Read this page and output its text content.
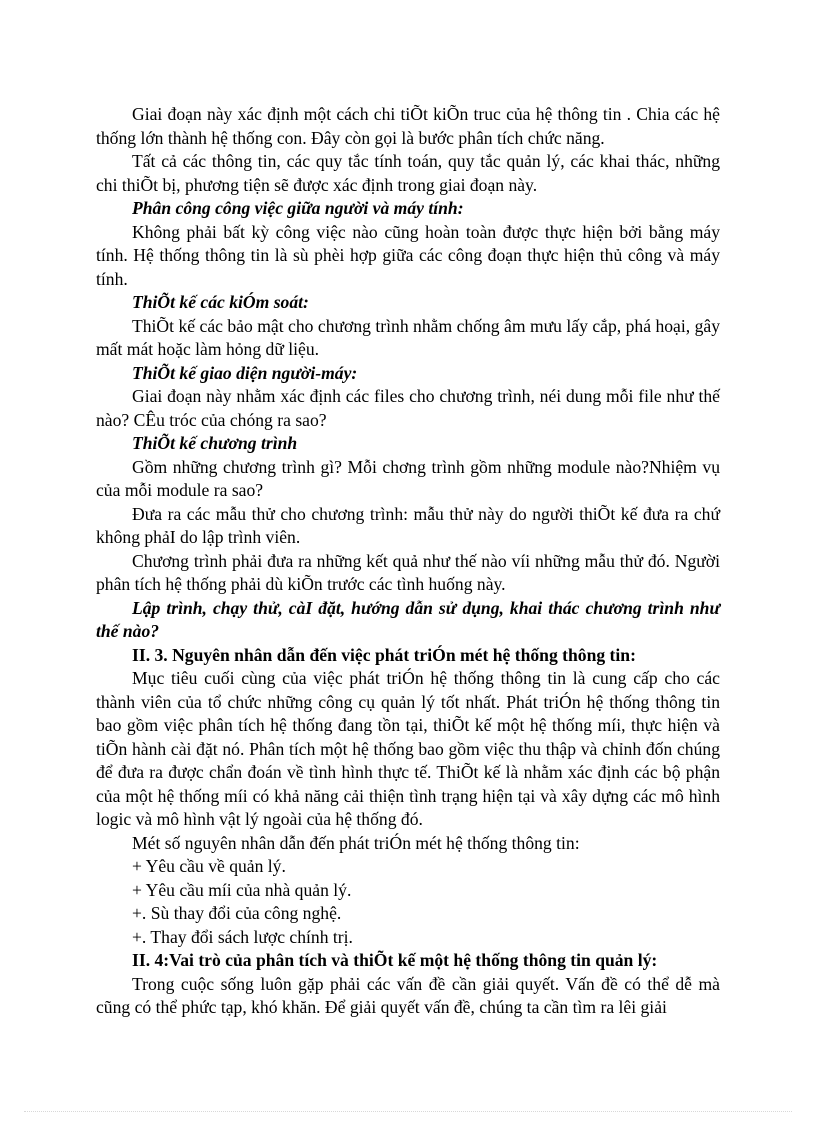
Giai đoạn này xác định một cách chi tiÕt kiÕn truc của hệ thông tin . Chia các hệ thống lớn thành hệ thống con. Đây còn gọi là bước phân tích chức năng.

Tất cả các thông tin, các quy tắc tính toán, quy tắc quản lý, các khai thác, những chi thiÕt bị, phương tiện sẽ được xác định trong giai đoạn này.

Phân công công việc giữa người và máy tính:

Không phải bất kỳ công việc nào cũng hoàn toàn được thực hiện bởi bằng máy tính. Hệ thống thông tin là sù phèi hợp giữa các công đoạn thực hiện thủ công và máy tính.

ThiÕt kế các kiÓm soát:

ThiÕt kế các bảo mật cho chương trình nhằm chống âm mưu lấy cắp, phá hoại, gây mất mát hoặc làm hỏng dữ liệu.

ThiÕt kế giao diện người-máy:

Giai đoạn này nhằm xác định các files cho chương trình, néi dung mỗi file như thế nào? CÊu tróc của chóng ra sao?

ThiÕt kế chương trình

Gồm những chương trình gì? Mỗi chơng trình gồm những module nào?Nhiệm vụ của mỗi module ra sao?

Đưa ra các mẫu thử cho chương trình: mẫu thử này do người thiÕt kế đưa ra chứ không phảI do lập trình viên.

Chương trình phải đưa ra những kết quả như thế nào víi những mẫu thử đó. Người phân tích hệ thống phải dù kiÕn trước các tình huống này.

Lập trình, chạy thử, càI đặt, hướng dẫn sử dụng, khai thác chương trình như thế nào?

II. 3. Nguyên nhân dẫn đến việc phát triÓn mét hệ thống thông tin:

Mục tiêu cuối cùng của việc phát triÓn hệ thống thông tin là cung cấp cho các thành viên của tổ chức những công cụ quản lý tốt nhất. Phát triÓn hệ thống thông tin bao gồm việc phân tích hệ thống đang tồn tại, thiÕt kế một hệ thống míi, thực hiện và tiÕn hành cài đặt nó. Phân tích một hệ thống bao gồm việc thu thập và chỉnh đốn chúng để đưa ra được chẩn đoán về tình hình thực tế. ThiÕt kế là nhằm xác định các bộ phận của một hệ thống míi có khả năng cải thiện tình trạng hiện tại và xây dựng các mô hình logic và mô hình vật lý ngoài của hệ thống đó.

Mét số nguyên nhân dẫn đến phát triÓn mét hệ thống thông tin:

+ Yêu cầu về quản lý.

+ Yêu cầu míi của nhà quản lý.

+. Sù thay đổi của công nghệ.

+. Thay đổi sách lược chính trị.

II. 4:Vai trò của phân tích và thiÕt kế một hệ thống thông tin quản lý:

Trong cuộc sống luôn gặp phải các vấn đề cần giải quyết. Vấn đề có thể dễ mà cũng có thể phức tạp, khó khăn. Để giải quyết vấn đề, chúng ta cần tìm ra lêi giải
